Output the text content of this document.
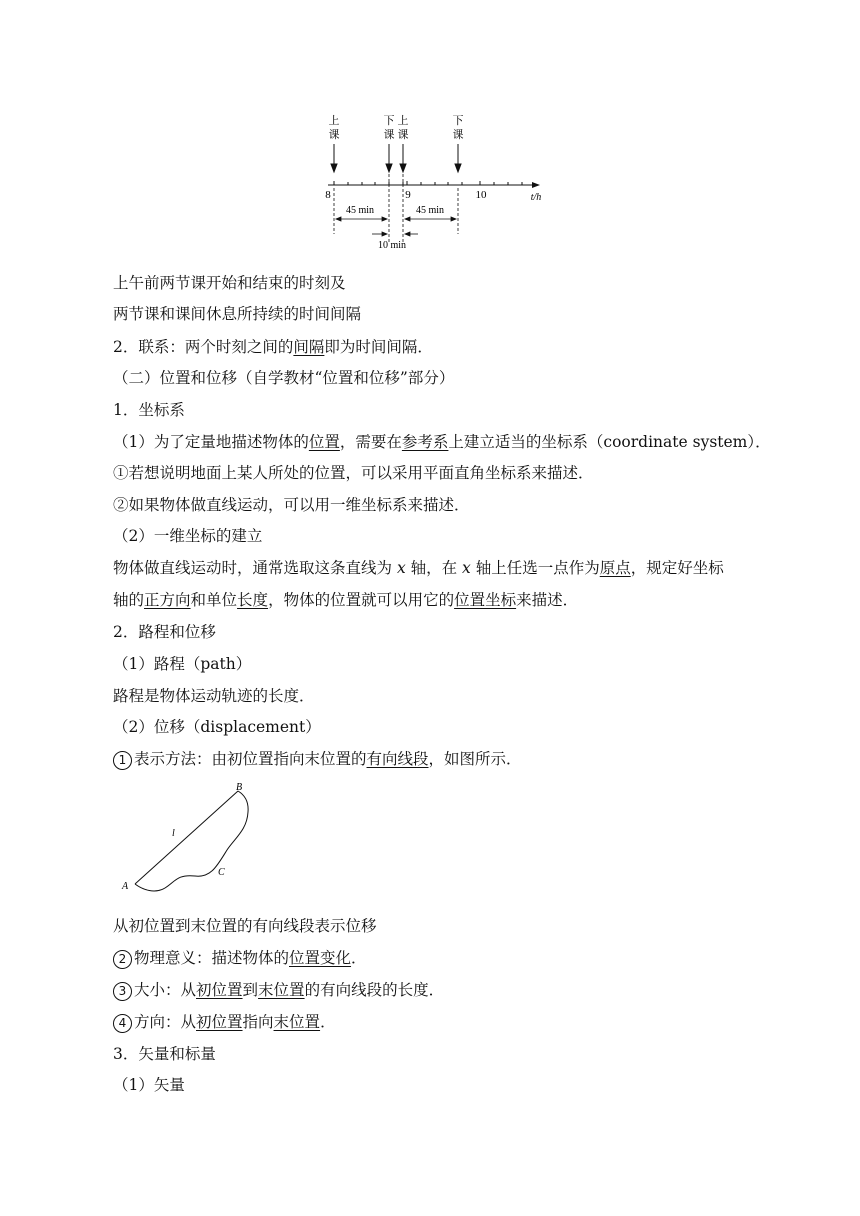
上
课
下
课
上
课
下
课
8	9	10	t/h
45 min	45 min
10 min
上午前两节课开始和结束的时刻及
两节课和课间休息所持续的时间间隔
2．联系：两个时刻之间的间隔即为时间间隔．
（二）位置和位移（自学教材“位置和位移”部分）
1．坐标系
（1）为了定量地描述物体的位置，需要在参考系上建立适当的坐标系（coordinate system）．
①若想说明地面上某人所处的位置，可以采用平面直角坐标系来描述．
②如果物体做直线运动，可以用一维坐标系来描述．
（2）一维坐标的建立
物体做直线运动时，通常选取这条直线为 x 轴，在 x 轴上任选一点作为原点，规定好坐标
轴的正方向和单位长度，物体的位置就可以用它的位置坐标来描述．
2．路程和位移
（1）路程（path）
路程是物体运动轨迹的长度．
（2）位移（displacement）
1 表示方法：由初位置指向末位置的有向线段，如图所示．
A
B
l
C
从初位置到末位置的有向线段表示位移
2 物理意义：描述物体的位置变化．
3 大小：从初位置到末位置的有向线段的长度．
4 方向：从初位置指向末位置．
3．矢量和标量
（1）矢量
